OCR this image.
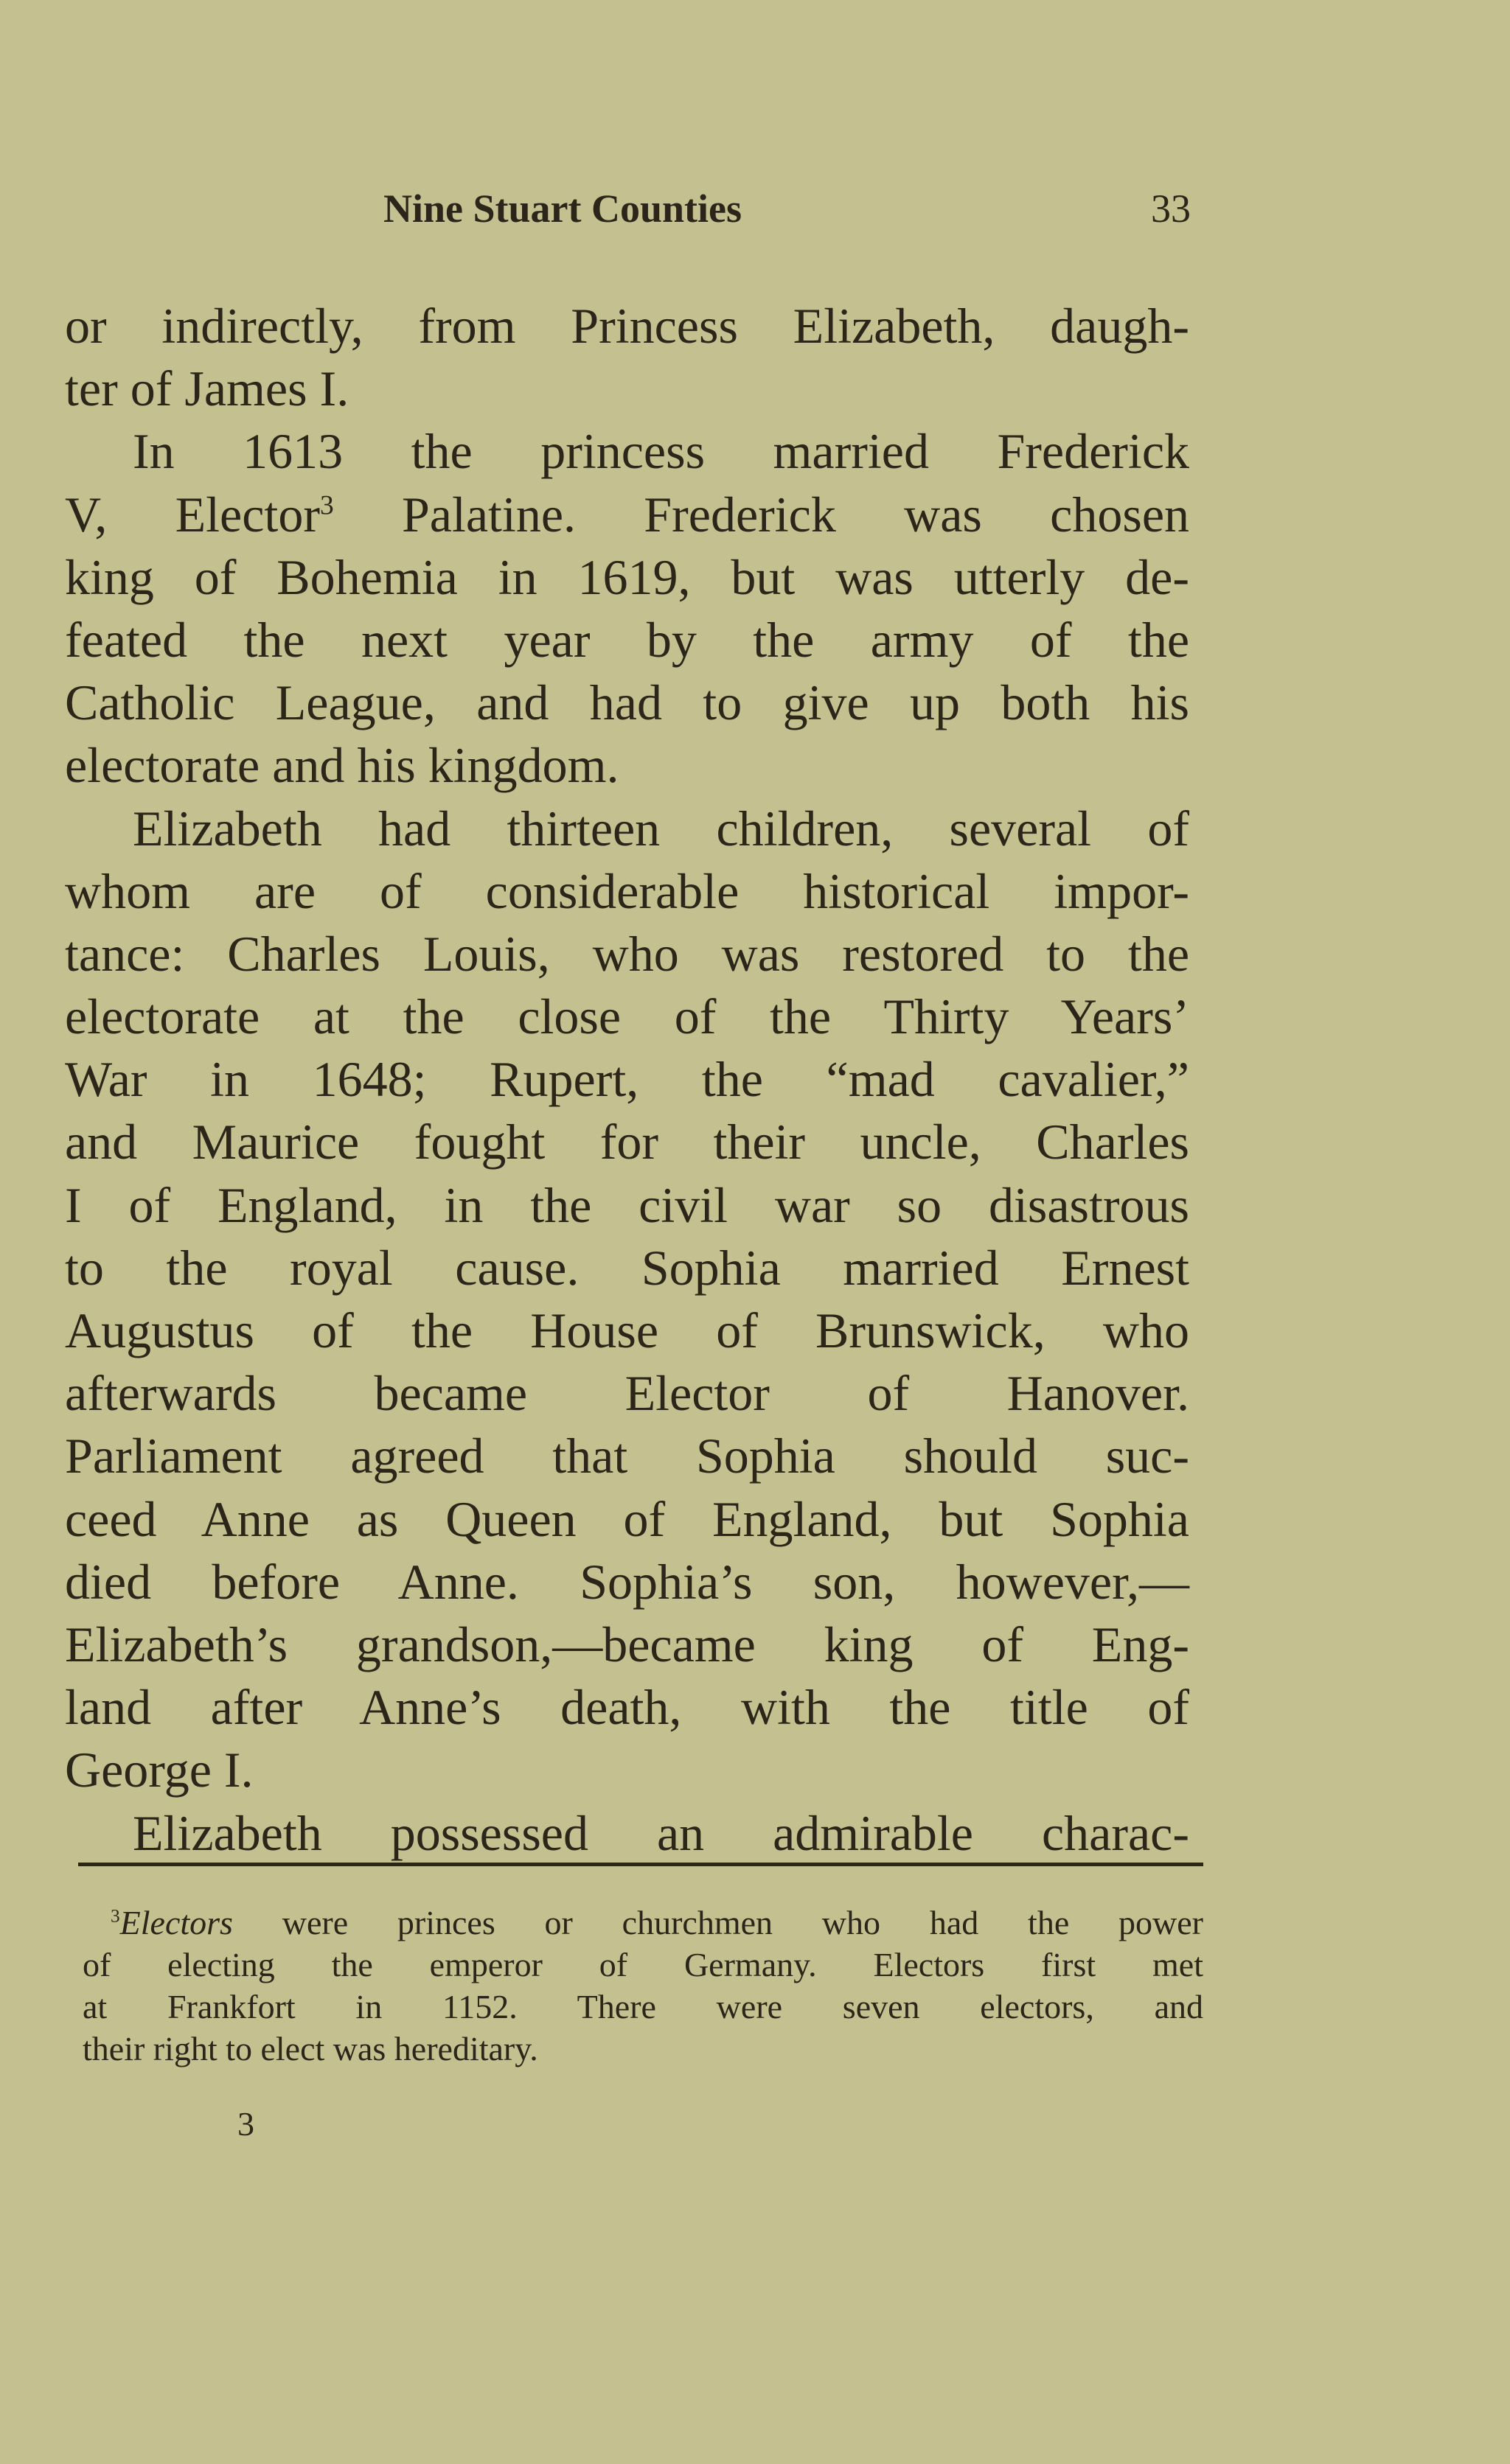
Nine Stuart Counties	33
or indirectly, from Princess Elizabeth, daugh-
ter of James I.
In 1613 the princess married Frederick
V, Elector$^3$ Palatine. Frederick was chosen
king of Bohemia in 1619, but was utterly de-
feated the next year by the army of the
Catholic League, and had to give up both his
electorate and his kingdom.
Elizabeth had thirteen children, several of
whom are of considerable historical impor-
tance: Charles Louis, who was restored to the
electorate at the close of the Thirty Years’
War in 1648; Rupert, the “mad cavalier,”
and Maurice fought for their uncle, Charles
I of England, in the civil war so disastrous
to the royal cause. Sophia married Ernest
Augustus of the House of Brunswick, who
afterwards became Elector of Hanover.
Parliament agreed that Sophia should suc-
ceed Anne as Queen of England, but Sophia
died before Anne. Sophia’s son, however,—
Elizabeth’s grandson,—became king of Eng-
land after Anne’s death, with the title of
George I.
Elizabeth possessed an admirable charac-
$^3$Electors were princes or churchmen who had the power
of electing the emperor of Germany. Electors first met
at Frankfort in 1152. There were seven electors, and
their right to elect was hereditary.
3
